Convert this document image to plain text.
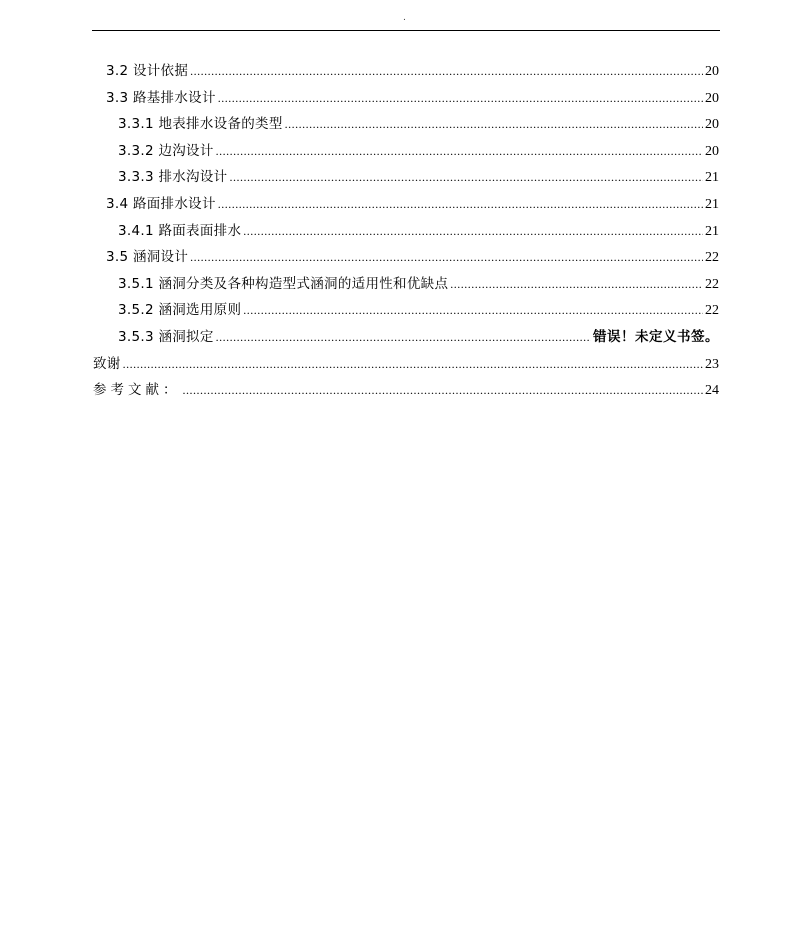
.
3.2 设计依据 .....	20
3.3 路基排水设计 .....	20
3.3.1 地表排水设备的类型 .....	20
3.3.2 边沟设计 .....	20
3.3.3 排水沟设计 .....	21
3.4 路面排水设计 .....	21
3.4.1 路面表面排水 .....	21
3.5 涵洞设计 .....	22
3.5.1 涵洞分类及各种构造型式涵洞的适用性和优缺点 .....	22
3.5.2 涵洞选用原则 .....	22
3.5.3 涵洞拟定 .....	错误！未定义书签。
致谢 .....	23
参考文献： .....	24
